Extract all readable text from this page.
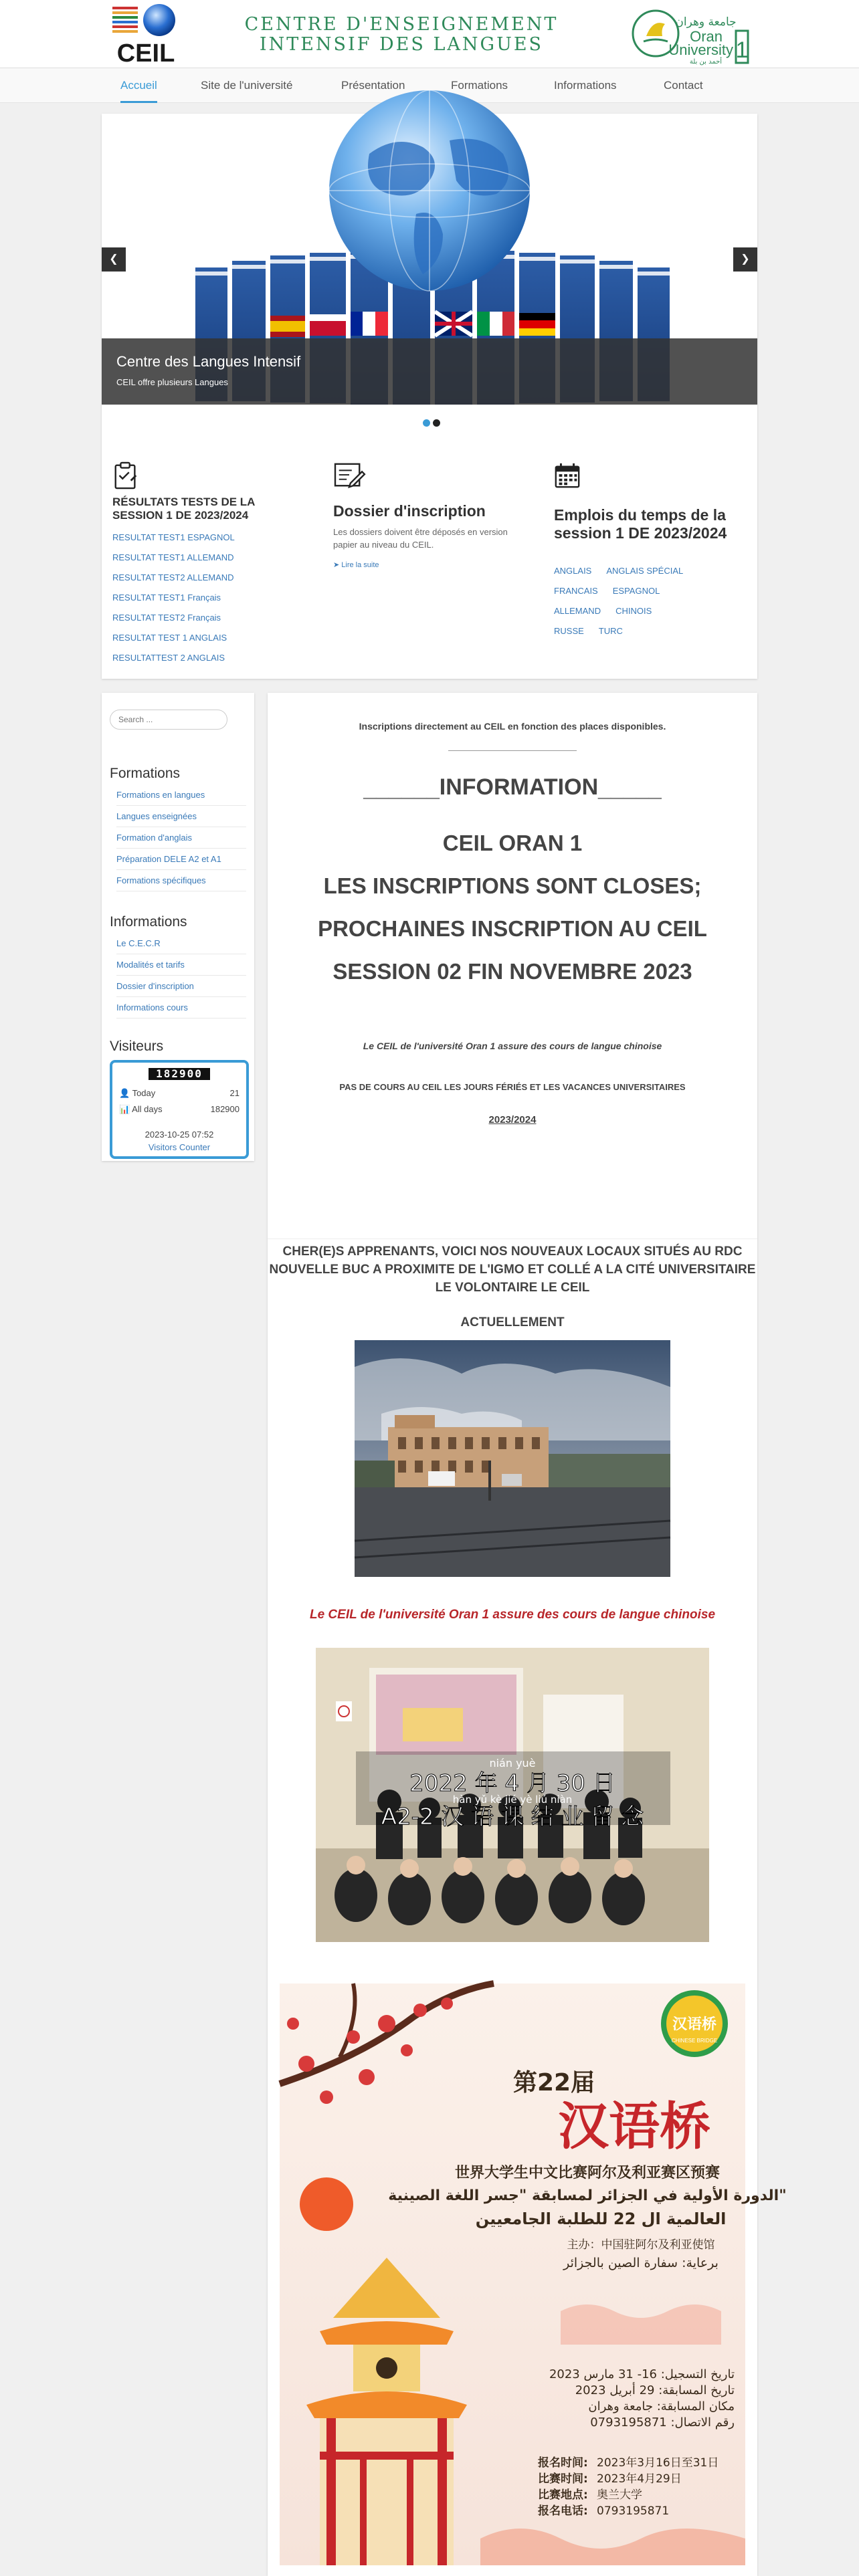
CEIL
CENTRE D'ENSEIGNEMENT
INTENSIF DES LANGUES	1
جامعة وهران
Oran
University
أحمد بن بلة
Accueil	Site de l'université	Présentation	Formations	Informations	Contact
❮	❯
Centre des Langues Intensif
CEIL offre plusieurs Langues
RÉSULTATS TESTS DE LA
SESSION 1 DE 2023/2024
RESULTAT TEST1 ESPAGNOL
RESULTAT TEST1 ALLEMAND
RESULTAT TEST2 ALLEMAND
RESULTAT TEST1 Français
RESULTAT TEST2 Français
RESULTAT TEST 1 ANGLAIS
RESULTATTEST 2 ANGLAIS
Dossier d'inscription
Les dossiers doivent être déposés en version papier au niveau du CEIL.
➤ Lire la suite
Emplois du temps de la
session 1 DE 2023/2024
ANGLAIS ANGLAIS SPÉCIAL
FRANCAIS ESPAGNOL
ALLEMAND CHINOIS
RUSSE TURC
Search ...
Formations
Formations en langues
Langues enseignées
Formation d'anglais
Préparation DELE A2 et A1
Formations spécifiques
Informations
Le C.E.C.R
Modalités et tarifs
Dossier d'inscription
Informations cours
Visiteurs
182900
👤 Today	21
📊 All days	182900
2023-10-25 07:52
Visitors Counter
Inscriptions directement au CEIL en fonction des places disponibles.
______INFORMATION_____
CEIL ORAN 1
LES INSCRIPTIONS SONT CLOSES;
PROCHAINES INSCRIPTION AU CEIL
SESSION 02 FIN NOVEMBRE 2023
Le CEIL de l'université Oran 1 assure des cours de langue chinoise
PAS DE COURS AU CEIL LES JOURS FÉRIÉS ET LES VACANCES UNIVERSITAIRES
2023/2024
CHER(E)S APPRENANTS, VOICI NOS NOUVEAUX LOCAUX SITUÉS AU RDC
NOUVELLE BUC A PROXIMITE DE L'IGMO ET COLLÉ A LA CITÉ UNIVERSITAIRE
LE VOLONTAIRE LE CEIL
ACTUELLEMENT
Le CEIL de l'université Oran 1 assure des cours de langue chinoise
nián yuè
2022 年 4 月 30 日
hàn yǔ kè jié yè liú niàn
A2-2 汉 语 课 结 业 留 念
汉语桥
CHINESE BRIDGE
第22届
汉语桥
世界大学生中文比赛阿尔及利亚赛区预赛
الدورة الأولية في الجزائر لمسابقة "جسر اللغة الصينية"
العالمية ال 22 للطلبة الجامعيين
主办：中国驻阿尔及利亚使馆
برعاية: سفارة الصين بالجزائر
تاريخ التسجيل: 16- 31 مارس 2023
تاريخ المسابقة: 29 أبريل 2023
مكان المسابقة: جامعة وهران
رقم الاتصال: 0793195871
报名时间: 2023年3月16日至31日
比赛时间: 2023年4月29日
比赛地点: 奥兰大学
报名电话: 0793195871
